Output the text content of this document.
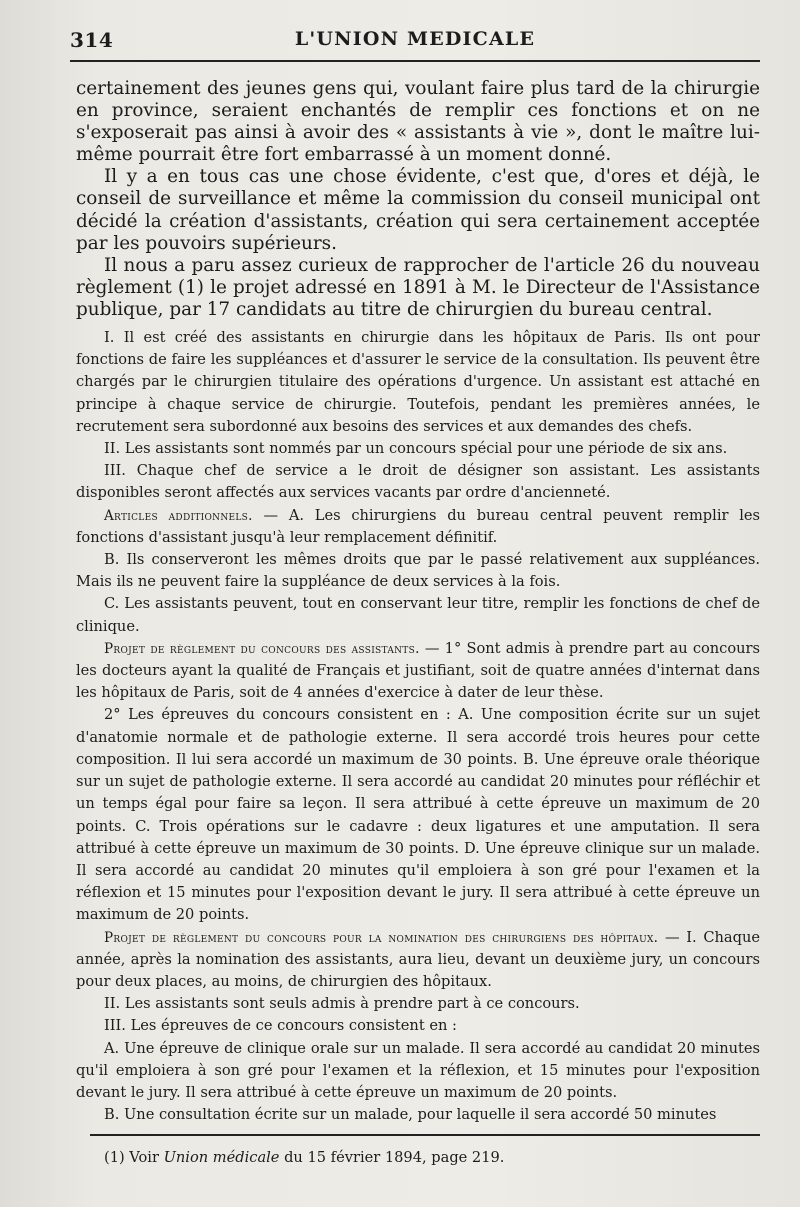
314	L'UNION MEDICALE

certainement des jeunes gens qui, voulant faire plus tard de la chirurgie en province, seraient enchantés de remplir ces fonctions et on ne s'exposerait pas ainsi à avoir des « assistants à vie », dont le maître lui-même pourrait être fort embarrassé à un moment donné.

Il y a en tous cas une chose évidente, c'est que, d'ores et déjà, le conseil de surveillance et même la commission du conseil municipal ont décidé la création d'assistants, création qui sera certainement acceptée par les pouvoirs supérieurs.

Il nous a paru assez curieux de rapprocher de l'article 26 du nouveau règlement (1) le projet adressé en 1891 à M. le Directeur de l'Assistance publique, par 17 candidats au titre de chirurgien du bureau central.

I. Il est créé des assistants en chirurgie dans les hôpitaux de Paris. Ils ont pour fonctions de faire les suppléances et d'assurer le service de la consultation. Ils peuvent être chargés par le chirurgien titulaire des opérations d'urgence. Un assistant est attaché en principe à chaque service de chirurgie. Toutefois, pendant les premières années, le recrutement sera subordonné aux besoins des services et aux demandes des chefs.

II. Les assistants sont nommés par un concours spécial pour une période de six ans.

III. Chaque chef de service a le droit de désigner son assistant. Les assistants disponibles seront affectés aux services vacants par ordre d'ancienneté.

Articles additionnels. — A. Les chirurgiens du bureau central peuvent remplir les fonctions d'assistant jusqu'à leur remplacement définitif.

B. Ils conserveront les mêmes droits que par le passé relativement aux suppléances. Mais ils ne peuvent faire la suppléance de deux services à la fois.

C. Les assistants peuvent, tout en conservant leur titre, remplir les fonctions de chef de clinique.

Projet de règlement du concours des assistants. — 1° Sont admis à prendre part au concours les docteurs ayant la qualité de Français et justifiant, soit de quatre années d'internat dans les hôpitaux de Paris, soit de 4 années d'exercice à dater de leur thèse.

2° Les épreuves du concours consistent en : A. Une composition écrite sur un sujet d'anatomie normale et de pathologie externe. Il sera accordé trois heures pour cette composition. Il lui sera accordé un maximum de 30 points. B. Une épreuve orale théorique sur un sujet de pathologie externe. Il sera accordé au candidat 20 minutes pour réfléchir et un temps égal pour faire sa leçon. Il sera attribué à cette épreuve un maximum de 20 points. C. Trois opérations sur le cadavre : deux ligatures et une amputation. Il sera attribué à cette épreuve un maximum de 30 points. D. Une épreuve clinique sur un malade. Il sera accordé au candidat 20 minutes qu'il emploiera à son gré pour l'examen et la réflexion et 15 minutes pour l'exposition devant le jury. Il sera attribué à cette épreuve un maximum de 20 points.

Projet de règlement du concours pour la nomination des chirurgiens des hôpitaux. — I. Chaque année, après la nomination des assistants, aura lieu, devant un deuxième jury, un concours pour deux places, au moins, de chirurgien des hôpitaux.

II. Les assistants sont seuls admis à prendre part à ce concours.

III. Les épreuves de ce concours consistent en :

A. Une épreuve de clinique orale sur un malade. Il sera accordé au candidat 20 minutes qu'il emploiera à son gré pour l'examen et la réflexion, et 15 minutes pour l'exposition devant le jury. Il sera attribué à cette épreuve un maximum de 20 points.

B. Une consultation écrite sur un malade, pour laquelle il sera accordé 50 minutes

(1) Voir Union médicale du 15 février 1894, page 219.
